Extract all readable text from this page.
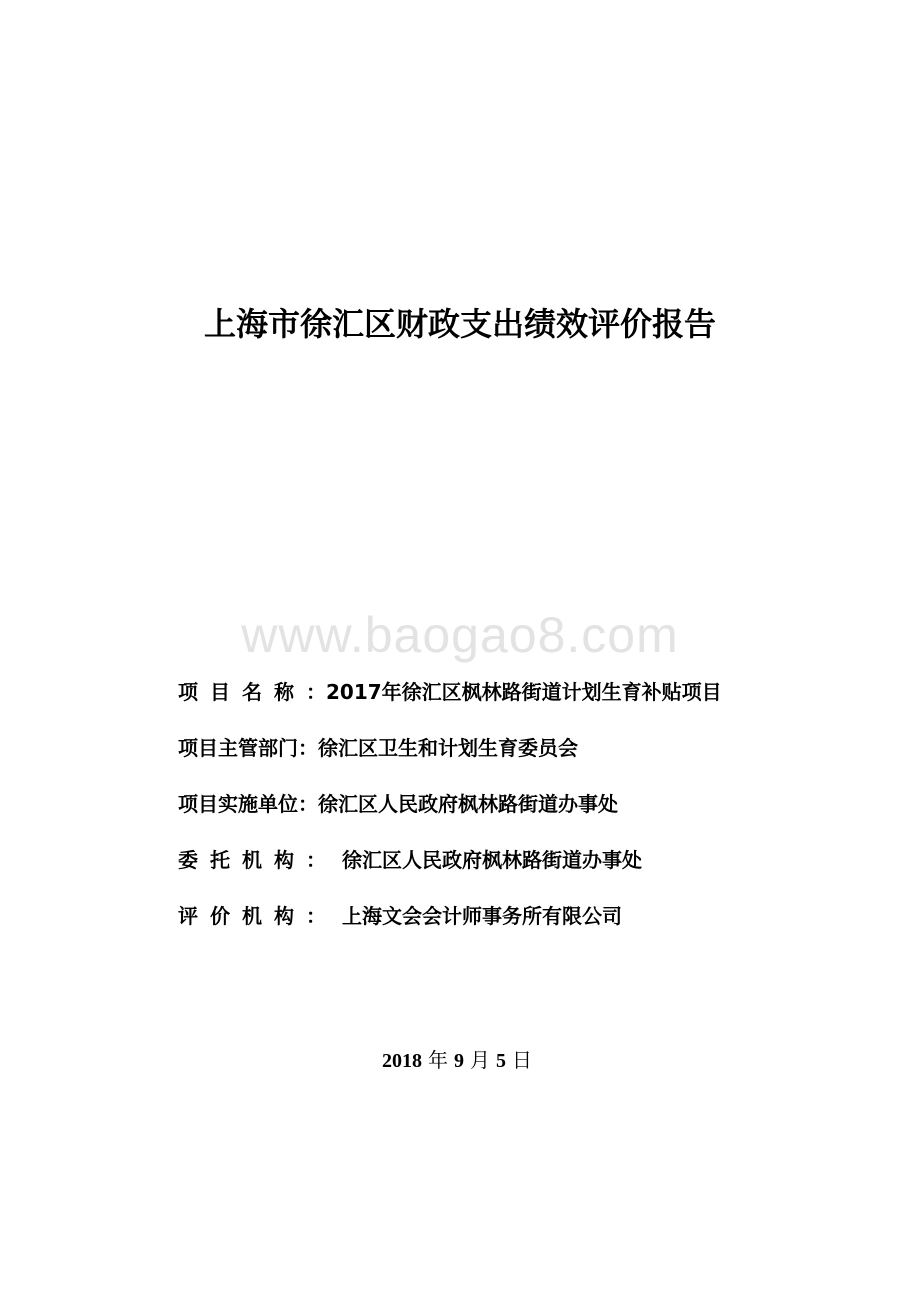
上海市徐汇区财政支出绩效评价报告
www.baogao8.com
项目名称：2017年徐汇区枫林路街道计划生育补贴项目
项目主管部门：徐汇区卫生和计划生育委员会
项目实施单位：徐汇区人民政府枫林路街道办事处
委托机构： 徐汇区人民政府枫林路街道办事处
评价机构： 上海文会会计师事务所有限公司
2018 年 9 月 5 日
